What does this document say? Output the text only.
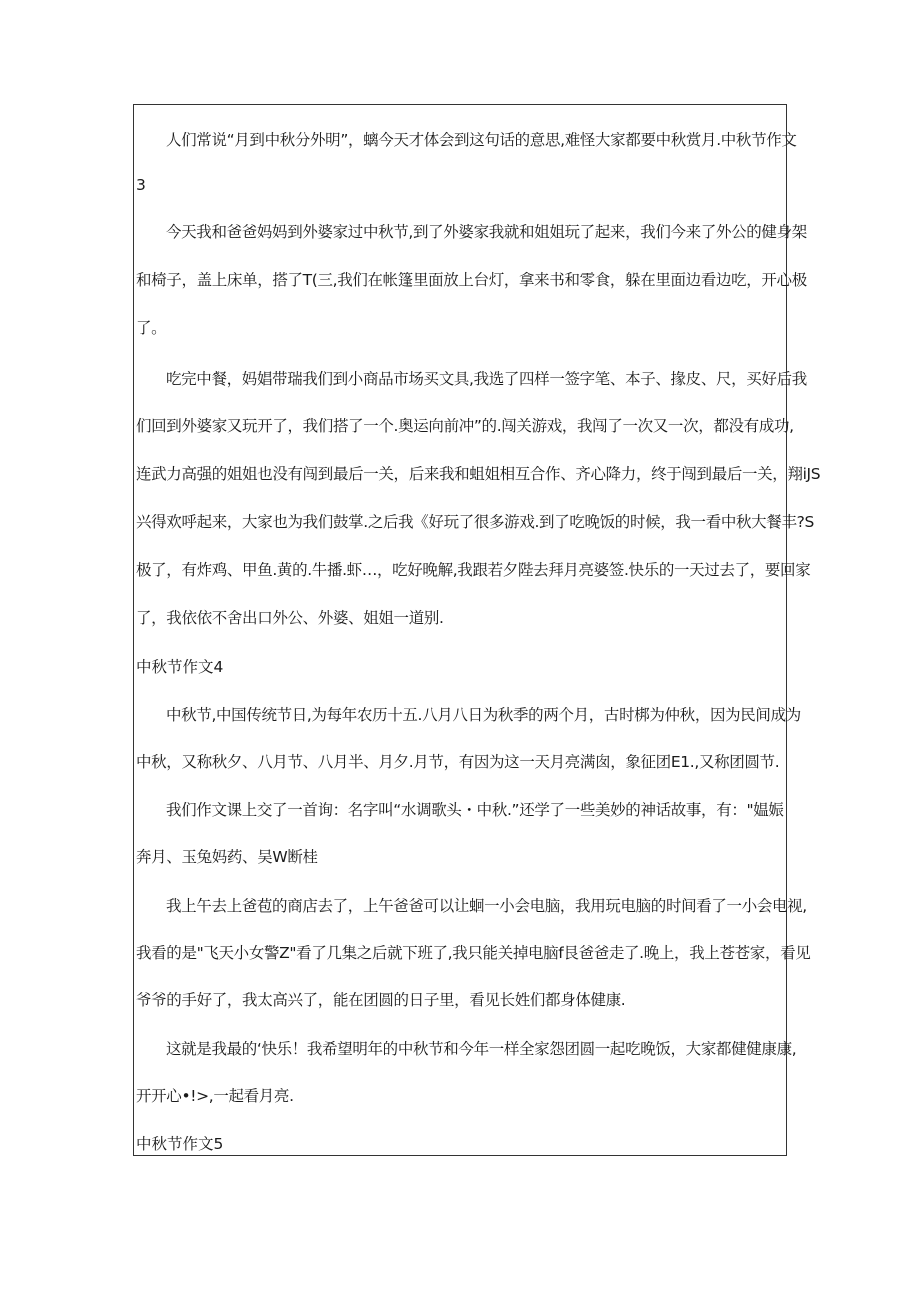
人们常说“月到中秋分外明”，螭今天才体会到这句话的意思,难怪大家都要中秋赏月.中秋节作文
3
今天我和爸爸妈妈到外婆家过中秋节,到了外婆家我就和姐姐玩了起来，我们今来了外公的健身架
和椅子，盖上床单，搭了T(三,我们在帐篷里面放上台灯，拿来书和零食，躲在里面边看边吃，开心极
了。
吃完中餐，妈娼带瑞我们到小商品市场买文具,我选了四样一签字笔、本子、掾皮、尺，买好后我
们回到外婆家又玩开了，我们搭了一个.奥运向前冲”的.闯关游戏，我闯了一次又一次，都没有成功,
连武力高强的姐姐也没有闯到最后一关，后来我和蛆姐相互合作、齐心降力，终于闯到最后一关，翔iJS
兴得欢呼起来，大家也为我们鼓掌.之后我《好玩了很多游戏.到了吃晚饭的时候，我一看中秋大餐丰?S
极了，有炸鸡、甲鱼.黄的.牛播.虾…，吃好晚解,我跟若夕陛去拜月亮婆签.快乐的一天过去了，要回家
了，我依依不舍出口外公、外婆、姐姐一道别.
中秋节作文4
中秋节,中国传统节日,为每年农历十五.八月八日为秋季的两个月，古时梆为仲秋，因为民间成为
中秋，又称秋夕、八月节、八月半、月夕.月节，有因为这一天月亮满囱，象征团E1.,又称团圆节.
我们作文课上交了一首询：名字叫“水调歌头・中秋.”还学了一些美妙的神话故事，有："媪娠
奔月、玉兔妈药、吴W断桂
我上午去上爸苞的商店去了，上午爸爸可以让蛔一小会电脑，我用玩电脑的时间看了一小会电视,
我看的是"飞天小女警Z"看了几集之后就下班了,我只能关掉电脑f艮爸爸走了.晚上，我上苍苍家，看见
爷爷的手好了，我太高兴了，能在团圆的日子里，看见长姓们都身体健康.
这就是我最的‘快乐！我希望明年的中秋节和今年一样全家怨团圆一起吃晚饭，大家都健健康康,
开开心•!>,一起看月亮.
中秋节作文5
